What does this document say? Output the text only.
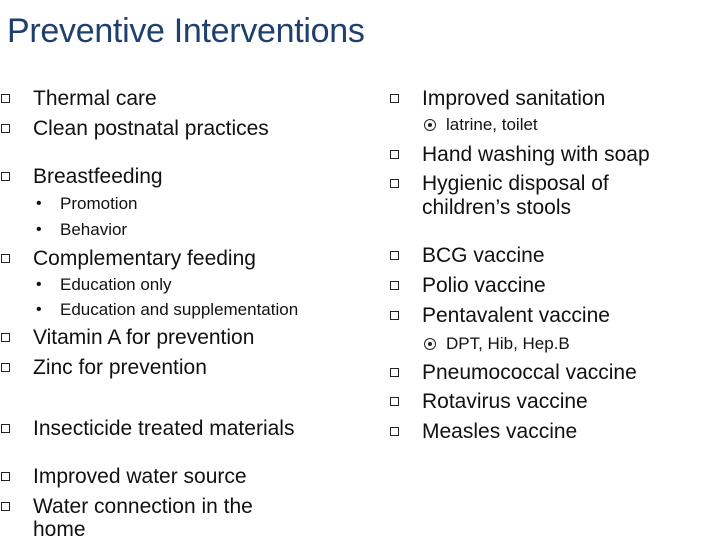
Preventive Interventions
Thermal care
Clean postnatal practices
Breastfeeding
• Promotion
• Behavior
Complementary feeding
• Education only
• Education and supplementation
Vitamin A for prevention
Zinc for prevention
Insecticide treated materials
Improved water source
Water connection in the
home
Improved sanitation
latrine, toilet
Hand washing with soap
Hygienic disposal of
children’s stools
BCG vaccine
Polio vaccine
Pentavalent vaccine
DPT, Hib, Hep.B
Pneumococcal vaccine
Rotavirus vaccine
Measles vaccine
